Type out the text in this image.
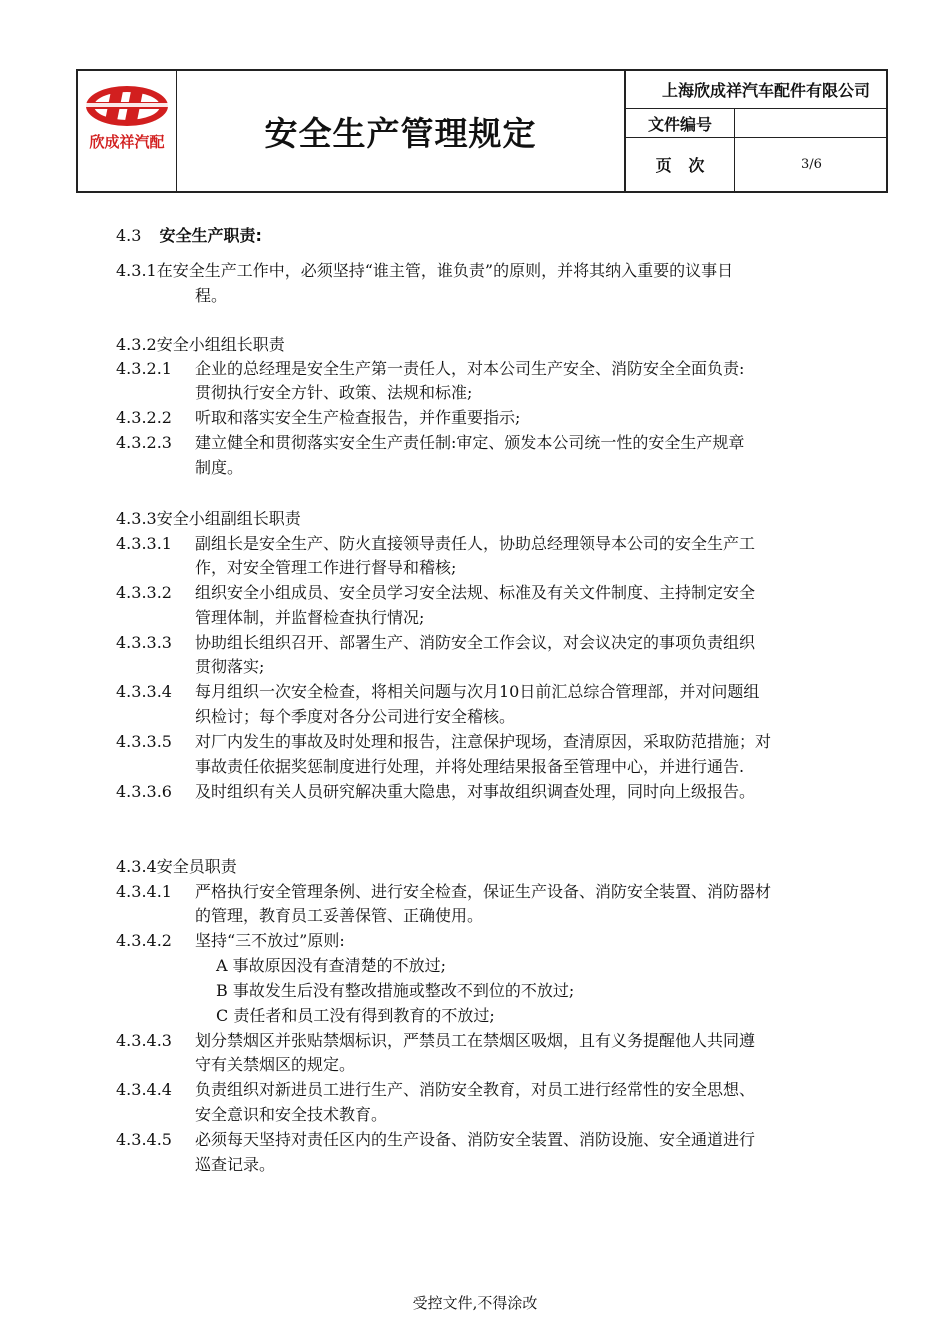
欣成祥汽配	安全生产管理规定
上海欣成祥汽车配件有限公司
文件编号
页   次	3/6
4.3 安全生产职责:
4.3.1在安全生产工作中，必须坚持“谁主管，谁负责”的原则，并将其纳入重要的议事日
程。
4.3.2安全小组组长职责
4.3.2.1 企业的总经理是安全生产第一责任人，对本公司生产安全、消防安全全面负责:
贯彻执行安全方针、政策、法规和标准;
4.3.2.2 听取和落实安全生产检查报告，并作重要指示;
4.3.2.3 建立健全和贯彻落实安全生产责任制:审定、颁发本公司统一性的安全生产规章
制度。
4.3.3安全小组副组长职责
4.3.3.1 副组长是安全生产、防火直接领导责任人，协助总经理领导本公司的安全生产工
作，对安全管理工作进行督导和稽核;
4.3.3.2 组织安全小组成员、安全员学习安全法规、标准及有关文件制度、主持制定安全
管理体制，并监督检查执行情况;
4.3.3.3 协助组长组织召开、部署生产、消防安全工作会议，对会议决定的事项负责组织
贯彻落实;
4.3.3.4 每月组织一次安全检查，将相关问题与次月10日前汇总综合管理部，并对问题组
织检讨；每个季度对各分公司进行安全稽核。
4.3.3.5 对厂内发生的事故及时处理和报告，注意保护现场，查清原因，采取防范措施；对
事故责任依据奖惩制度进行处理，并将处理结果报备至管理中心，并进行通告.
4.3.3.6 及时组织有关人员研究解决重大隐患，对事故组织调查处理，同时向上级报告。
4.3.4安全员职责
4.3.4.1 严格执行安全管理条例、进行安全检查，保证生产设备、消防安全装置、消防器材
的管理，教育员工妥善保管、正确使用。
4.3.4.2 坚持“三不放过”原则:
A 事故原因没有查清楚的不放过;
B 事故发生后没有整改措施或整改不到位的不放过;
C 责任者和员工没有得到教育的不放过;
4.3.4.3 划分禁烟区并张贴禁烟标识，严禁员工在禁烟区吸烟，且有义务提醒他人共同遵
守有关禁烟区的规定。
4.3.4.4 负责组织对新进员工进行生产、消防安全教育，对员工进行经常性的安全思想、
安全意识和安全技术教育。
4.3.4.5 必须每天坚持对责任区内的生产设备、消防安全装置、消防设施、安全通道进行
巡查记录。
受控文件,不得涂改
